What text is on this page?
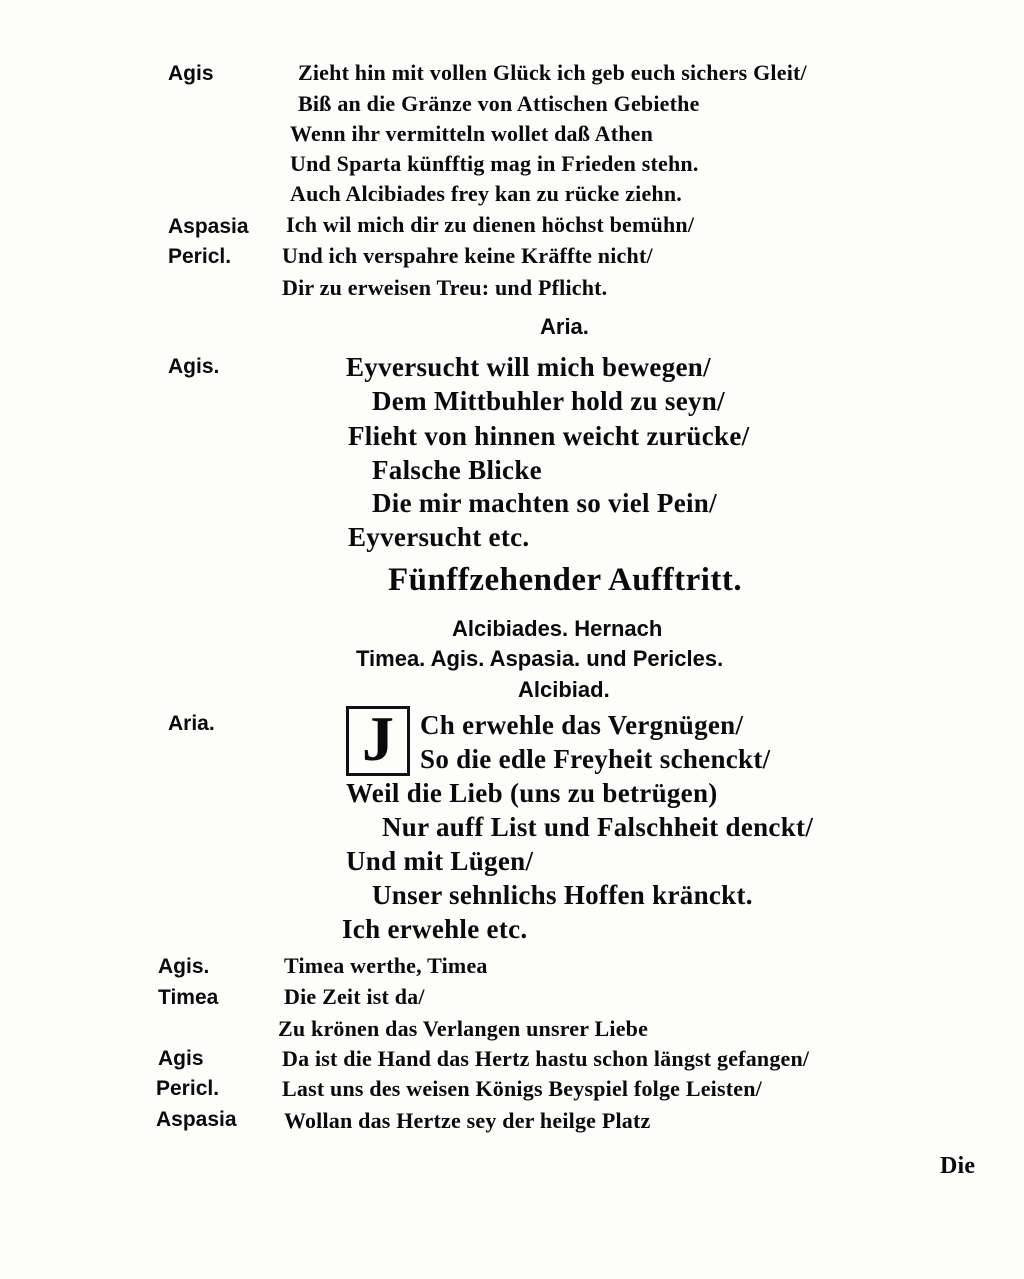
Agis	Zieht hin mit vollen Glück ich geb euch sichers Gleit/
Biß an die Gränze von Attischen Gebiethe
Wenn ihr vermitteln wollet daß Athen
Und Sparta künfftig mag in Frieden stehn.
Auch Alcibiades frey kan zu rücke ziehn.
Aspasia Ich wil mich dir zu dienen höchst bemühn/
Pericl. Und ich verspahre keine Kräffte nicht/
Dir zu erweisen Treu: und Pflicht.
Aria.
Agis.	Eyversucht will mich bewegen/
Dem Mittbuhler hold zu seyn/
Flieht von hinnen weicht zurücke/
Falsche Blicke
Die mir machten so viel Pein/
Eyversucht etc.
Fünffzehender Aufftritt.
Alcibiades. Hernach
Timea. Agis. Aspasia. und Pericles.
Alcibiad.
Aria. J Ch erwehle das Vergnügen/
So die edle Freyheit schenckt/
Weil die Lieb (uns zu betrügen)
Nur auff List und Falschheit denckt/
Und mit Lügen/
Unser sehnlichs Hoffen kränckt.
Ich erwehle etc.
Agis.	Timea werthe, Timea
Timea	Die Zeit ist da/
Zu krönen das Verlangen unsrer Liebe
Agis	Da ist die Hand das Hertz hastu schon längst gefangen/
Pericl.	Last uns des weisen Königs Beyspiel folge Leisten/
Aspasia Wollan das Hertze sey der heilge Platz
Die
